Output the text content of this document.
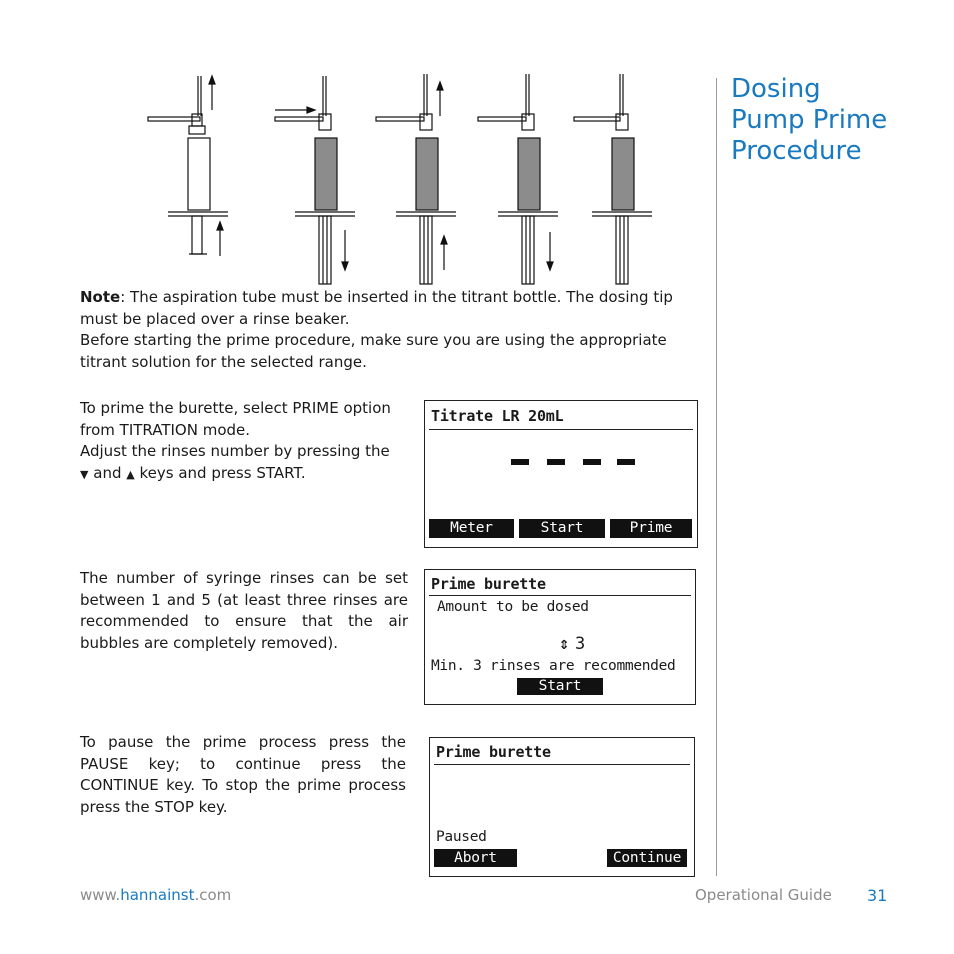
Dosing
Pump Prime
Procedure
Note: The aspiration tube must be inserted in the titrant bottle. The dosing tip must be placed over a rinse beaker.
Before starting the prime procedure, make sure you are using the appropriate titrant solution for the selected range.
To prime the burette, select PRIME option from TITRATION mode.
Adjust the rinses number by pressing the
▼ and ▲ keys and press START.
Titrate LR 20mL
Meter	Start	Prime
The number of syringe rinses can be set between 1 and 5 (at least three rinses are recommended to ensure that the air bubbles are completely removed).
Prime burette
Amount to be dosed
⇕ 3
Min. 3 rinses are recommended
Start
To pause the prime process press the PAUSE key; to continue press the CONTINUE key. To stop the prime process press the STOP key.
Prime burette
Paused
Abort	Continue
www.hannainst.com	Operational Guide 31
